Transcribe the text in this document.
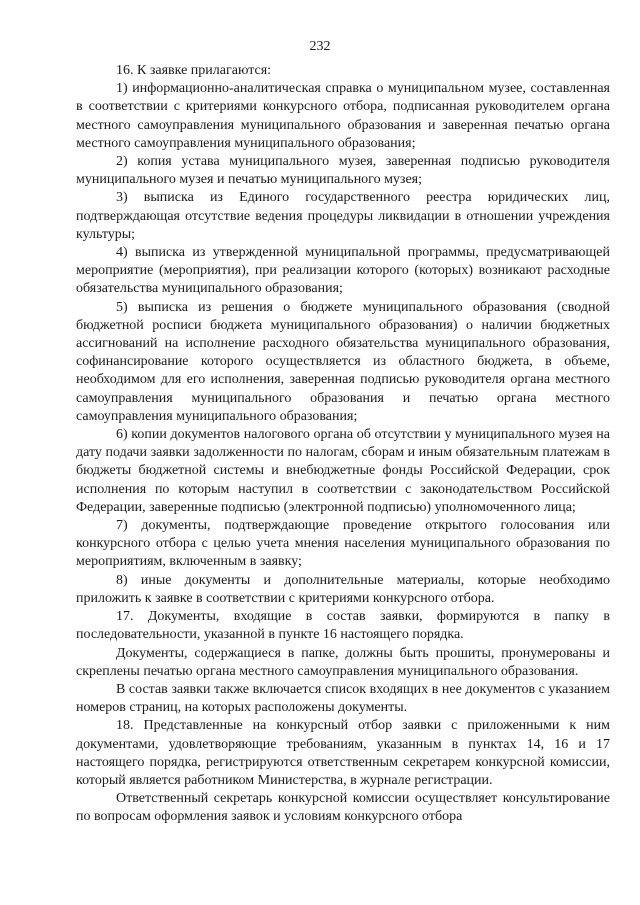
232

16. К заявке прилагаются:

1) информационно-аналитическая справка о муниципальном музее, составленная в соответствии с критериями конкурсного отбора, подписанная руководителем органа местного самоуправления муниципального образования и заверенная печатью органа местного самоуправления муниципального образования;

2) копия устава муниципального музея, заверенная подписью руководителя муниципального музея и печатью муниципального музея;

3) выписка из Единого государственного реестра юридических лиц, подтверждающая отсутствие ведения процедуры ликвидации в отношении учреждения культуры;

4) выписка из утвержденной муниципальной программы, предусматривающей мероприятие (мероприятия), при реализации которого (которых) возникают расходные обязательства муниципального образования;

5) выписка из решения о бюджете муниципального образования (сводной бюджетной росписи бюджета муниципального образования) о наличии бюджетных ассигнований на исполнение расходного обязательства муниципального образования, софинансирование которого осуществляется из областного бюджета, в объеме, необходимом для его исполнения, заверенная подписью руководителя органа местного самоуправления муниципального образования и печатью органа местного самоуправления муниципального образования;

6) копии документов налогового органа об отсутствии у муниципального музея на дату подачи заявки задолженности по налогам, сборам и иным обязательным платежам в бюджеты бюджетной системы и внебюджетные фонды Российской Федерации, срок исполнения по которым наступил в соответствии с законодательством Российской Федерации, заверенные подписью (электронной подписью) уполномоченного лица;

7) документы, подтверждающие проведение открытого голосования или конкурсного отбора с целью учета мнения населения муниципального образования по мероприятиям, включенным в заявку;

8) иные документы и дополнительные материалы, которые необходимо приложить к заявке в соответствии с критериями конкурсного отбора.

17. Документы, входящие в состав заявки, формируются в папку в последовательности, указанной в пункте 16 настоящего порядка.

Документы, содержащиеся в папке, должны быть прошиты, пронумерованы и скреплены печатью органа местного самоуправления муниципального образования.

В состав заявки также включается список входящих в нее документов с указанием номеров страниц, на которых расположены документы.

18. Представленные на конкурсный отбор заявки с приложенными к ним документами, удовлетворяющие требованиям, указанным в пунктах 14, 16 и 17 настоящего порядка, регистрируются ответственным секретарем конкурсной комиссии, который является работником Министерства, в журнале регистрации.

Ответственный секретарь конкурсной комиссии осуществляет консультирование по вопросам оформления заявок и условиям конкурсного отбора
